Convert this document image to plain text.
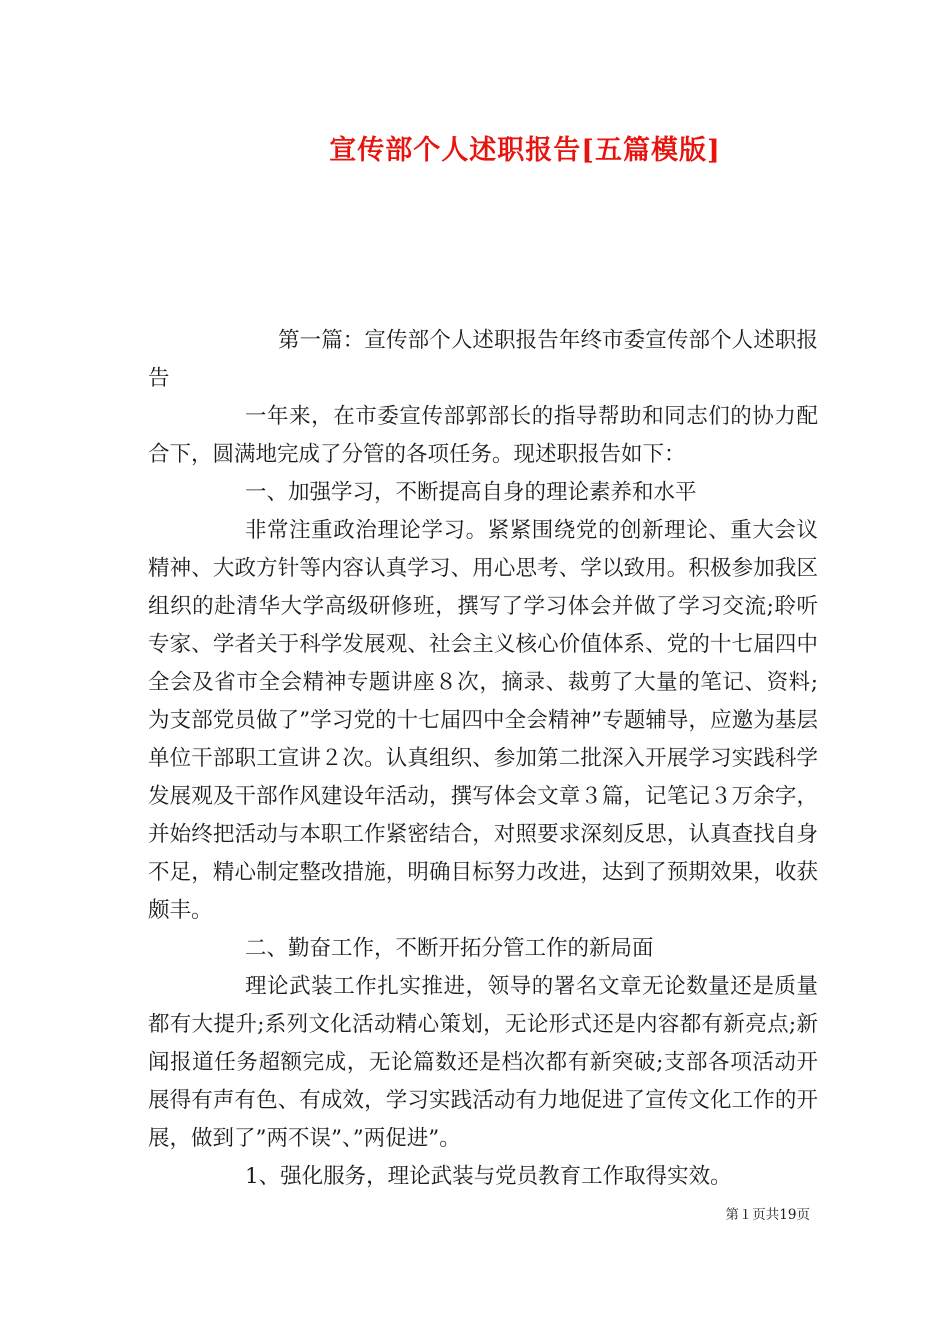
宣传部个人述职报告[五篇模版]

第一篇：宣传部个人述职报告年终市委宣传部个人述职报告

一年来，在市委宣传部郭部长的指导帮助和同志们的协力配合下，圆满地完成了分管的各项任务。现述职报告如下：

一、加强学习，不断提高自身的理论素养和水平

非常注重政治理论学习。紧紧围绕党的创新理论、重大会议精神、大政方针等内容认真学习、用心思考、学以致用。积极参加我区组织的赴清华大学高级研修班，撰写了学习体会并做了学习交流;聆听专家、学者关于科学发展观、社会主义核心价值体系、党的十七届四中全会及省市全会精神专题讲座８次，摘录、裁剪了大量的笔记、资料;为支部党员做了”学习党的十七届四中全会精神”专题辅导，应邀为基层单位干部职工宣讲２次。认真组织、参加第二批深入开展学习实践科学发展观及干部作风建设年活动，撰写体会文章３篇，记笔记３万余字，并始终把活动与本职工作紧密结合，对照要求深刻反思，认真查找自身不足，精心制定整改措施，明确目标努力改进，达到了预期效果，收获颇丰。

二、勤奋工作，不断开拓分管工作的新局面

理论武装工作扎实推进，领导的署名文章无论数量还是质量都有大提升;系列文化活动精心策划，无论形式还是内容都有新亮点;新闻报道任务超额完成，无论篇数还是档次都有新突破;支部各项活动开展得有声有色、有成效，学习实践活动有力地促进了宣传文化工作的开展，做到了”两不误”、”两促进”。

1、强化服务，理论武装与党员教育工作取得实效。

第１页共19页
